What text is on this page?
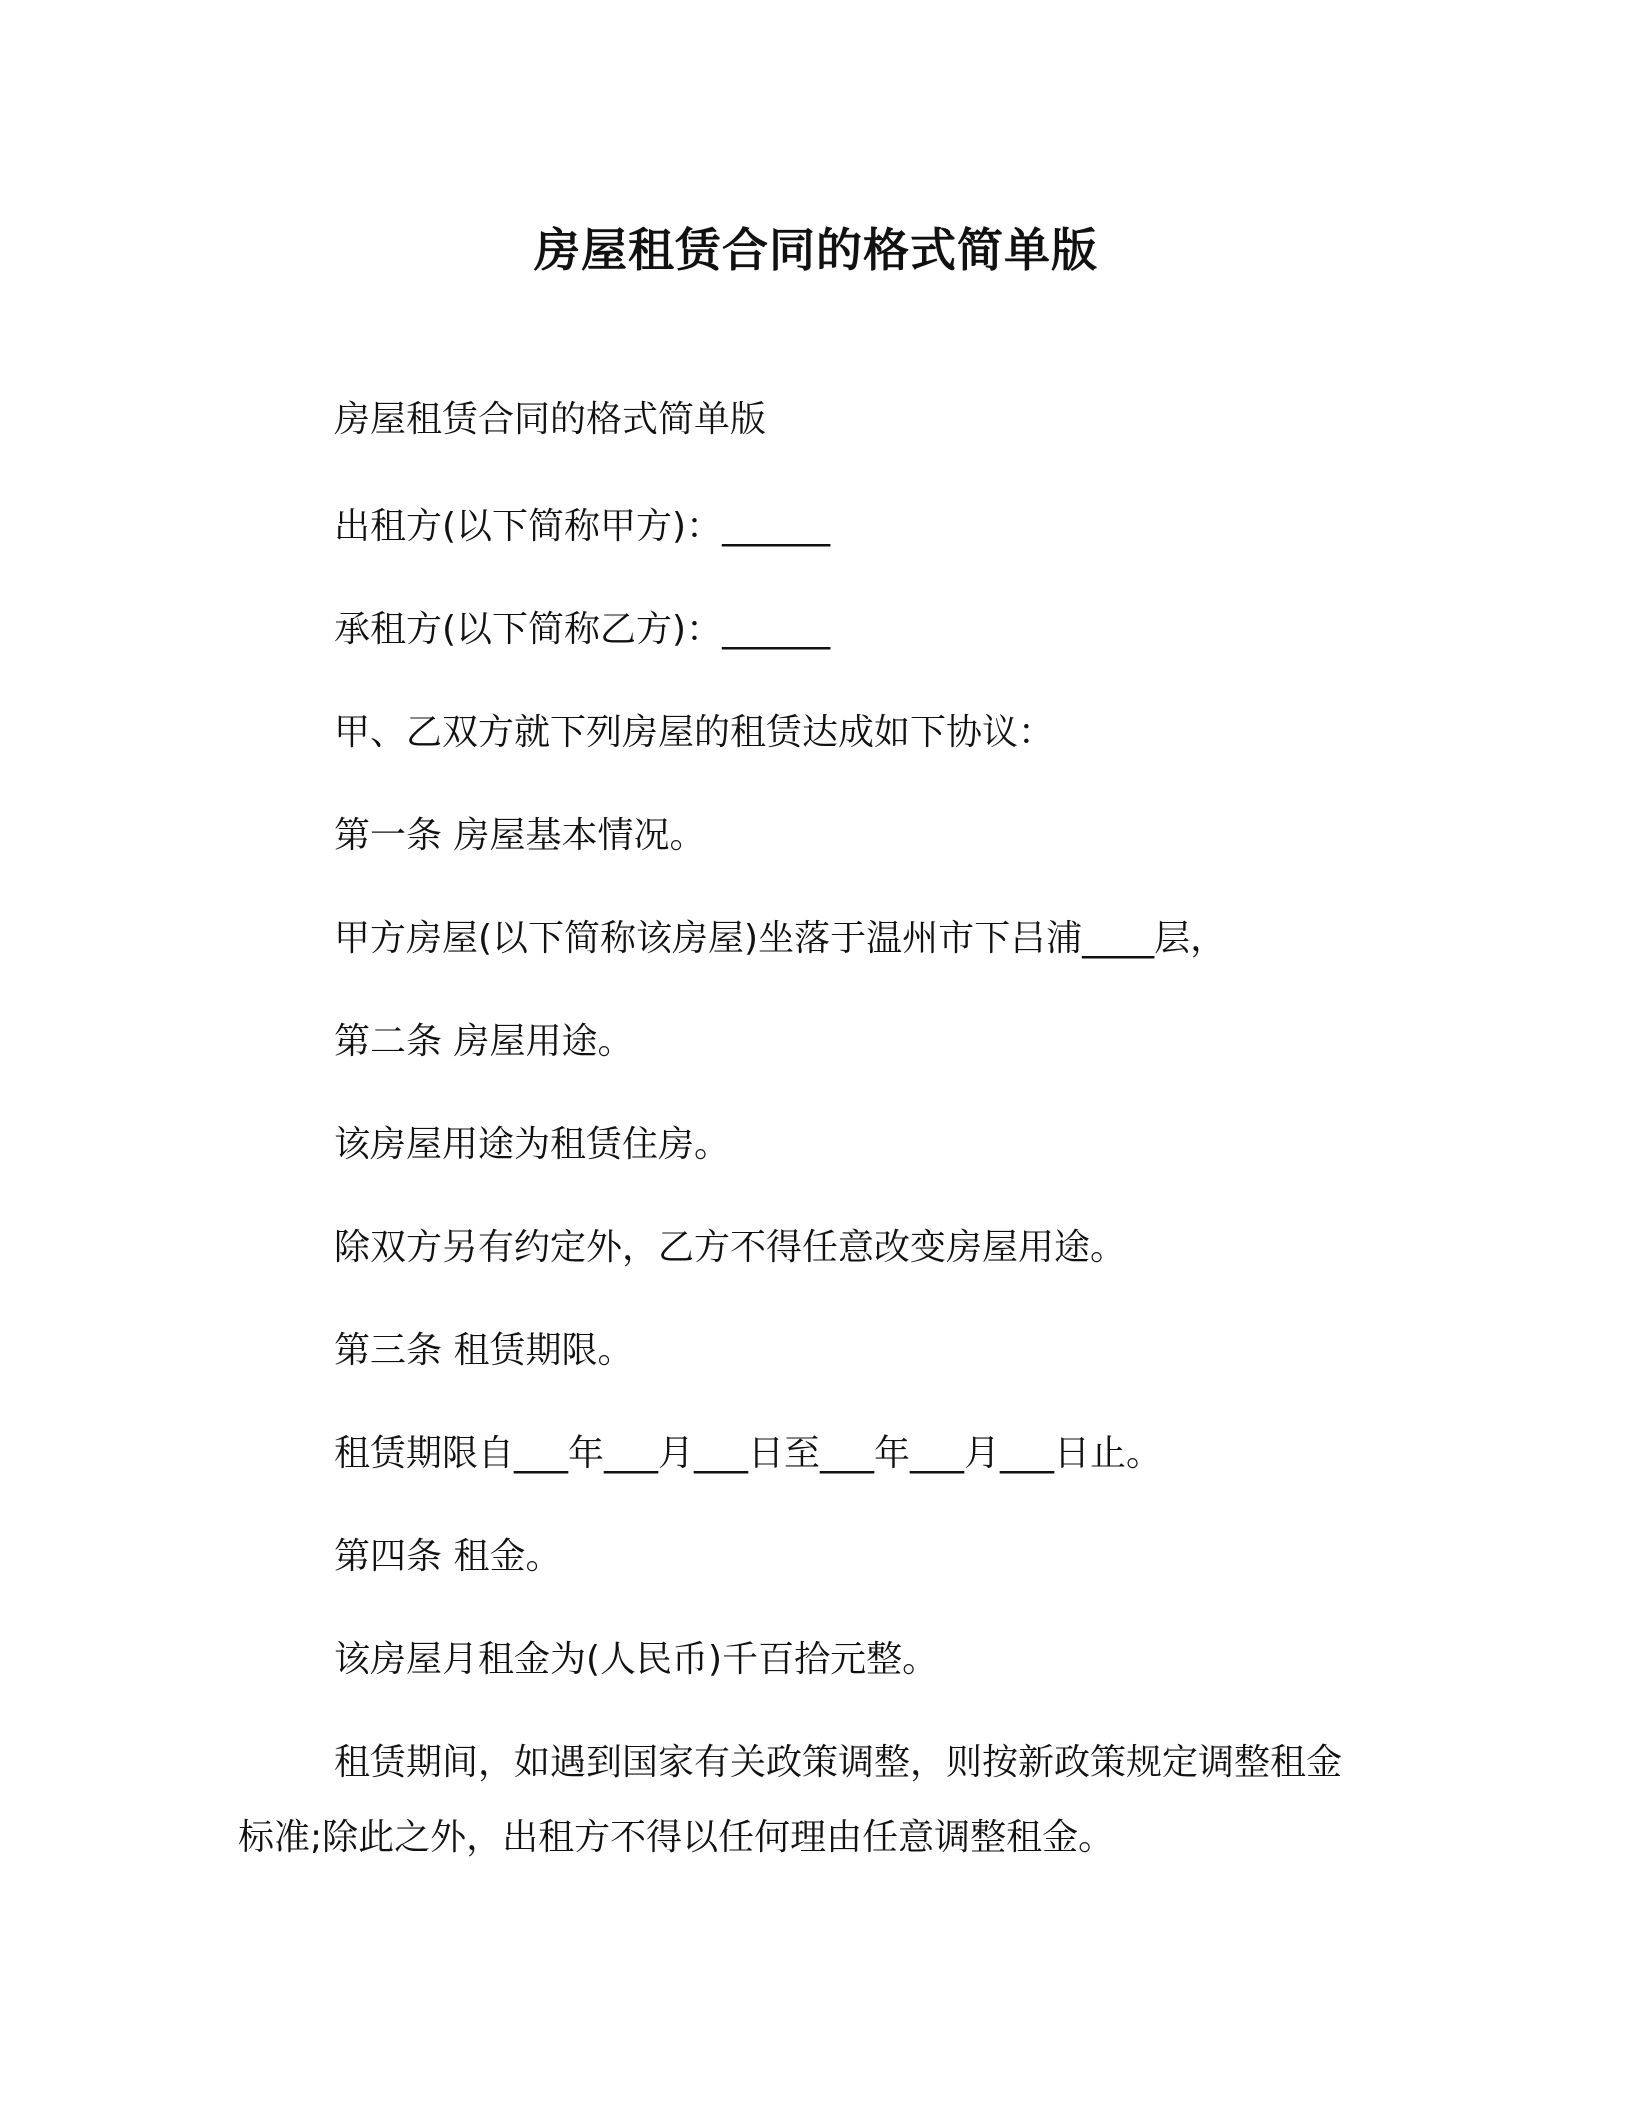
房屋租赁合同的格式简单版

房屋租赁合同的格式简单版

出租方(以下简称甲方)：______

承租方(以下简称乙方)：______

甲、乙双方就下列房屋的租赁达成如下协议：

第一条 房屋基本情况。

甲方房屋(以下简称该房屋)坐落于温州市下吕浦____层，

第二条 房屋用途。

该房屋用途为租赁住房。

除双方另有约定外，乙方不得任意改变房屋用途。

第三条 租赁期限。

租赁期限自___年___月___日至___年___月___日止。

第四条 租金。

该房屋月租金为(人民币)千百拾元整。

租赁期间，如遇到国家有关政策调整，则按新政策规定调整租金

标准;除此之外，出租方不得以任何理由任意调整租金。
